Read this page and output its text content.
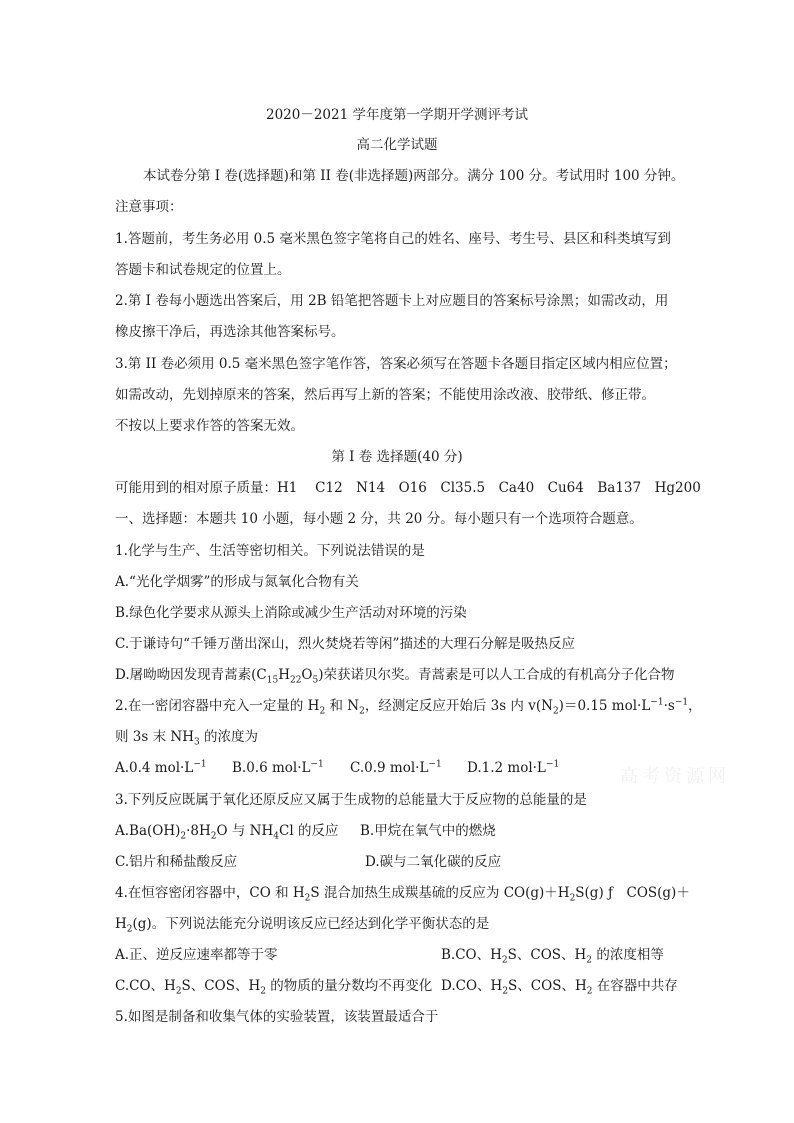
高考资源网
2020－2021 学年度第一学期开学测评考试
高二化学试题
本试卷分第 I 卷(选择题)和第 II 卷(非选择题)两部分。满分 100 分。考试用时 100 分钟。
注意事项：
1.答题前，考生务必用 0.5 毫米黑色签字笔将自己的姓名、座号、考生号、县区和科类填写到
答题卡和试卷规定的位置上。
2.第 I 卷每小题选出答案后，用 2B 铅笔把答题卡上对应题目的答案标号涂黑；如需改动，用
橡皮擦干净后，再选涂其他答案标号。
3.第 II 卷必须用 0.5 毫米黑色签字笔作答，答案必须写在答题卡各题目指定区域内相应位置；
如需改动，先划掉原来的答案，然后再写上新的答案；不能使用涂改液、胶带纸、修正带。
不按以上要求作答的答案无效。
第 I 卷 选择题(40 分)
可能用到的相对原子质量：H1　 C12　N14　O16　Cl35.5　Ca40　Cu64　Ba137　Hg200
一、选择题：本题共 10 小题，每小题 2 分，共 20 分。每小题只有一个选项符合题意。
1.化学与生产、生活等密切相关。下列说法错误的是
A.“光化学烟雾”的形成与氮氧化合物有关
B.绿色化学要求从源头上消除或减少生产活动对环境的污染
C.于谦诗句“千锤万凿出深山，烈火焚烧若等闲”描述的大理石分解是吸热反应
D.屠呦呦因发现青蒿素$(C_{15}H_{22}O_5)$荣获诺贝尔奖。青蒿素是可以人工合成的有机高分子化合物
2.在一密闭容器中充入一定量的 $H_2$ 和 $N_2$，经测定反应开始后 3s 内 $v(N_2)=0.15$ $mol\cdot L^{-1}\cdot s^{-1}$，
则 3s 末 $NH_3$ 的浓度为
A.0.4 $mol\cdot L^{-1}$ B.0.6 $mol\cdot L^{-1}$ C.0.9 $mol\cdot L^{-1}$ D.1.2 $mol\cdot L^{-1}$
3.下列反应既属于氧化还原反应又属于生成物的总能量大于反应物的总能量的是
$A.Ba(OH)_2\cdot 8H_2O$ 与 $NH_4Cl$ 的反应 B.甲烷在氧气中的燃烧
C.铝片和稀盐酸反应	D.碳与二氧化碳的反应
4.在恒容密闭容器中，CO 和 $H_2S$ 混合加热生成羰基硫的反应为 $CO(g)+H_2S(g)$ ƒ　COS(g)＋
$H_2(g)$。下列说法能充分说明该反应已经达到化学平衡状态的是
A.正、逆反应速率都等于零	B.CO、$H_2S$、COS、$H_2$ 的浓度相等
C.CO、$H_2S$、COS、$H_2$ 的物质的量分数均不再变化 D.CO、$H_2S$、COS、$H_2$ 在容器中共存
5.如图是制备和收集气体的实验装置，该装置最适合于
